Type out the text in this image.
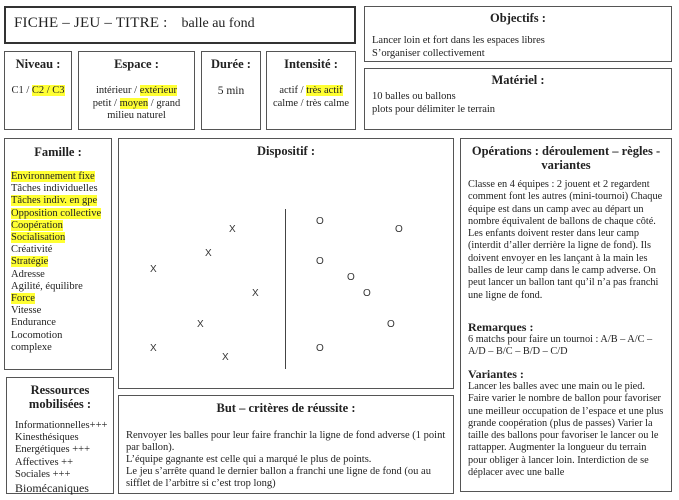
FICHE – JEU – TITRE : balle au fond	Objectifs :
Lancer loin et fort dans les espaces libres
S’organiser collectivement
Niveau :
C1 / C2 / C3
Espace :
intérieur / extérieur
petit / moyen / grand
milieu naturel
Durée :
5 min
Intensité :
actif / très actif
calme / très calme
Matériel :
10 balles ou ballons
plots pour délimiter le terrain
Famille :
Environnement fixe
Tâches individuelles
Tâches indiv. en gpe
Opposition collective
Coopération
Socialisation
Créativité
Stratégie
Adresse
Agilité, équilibre
Force
Vitesse
Endurance
Locomotion
complexe
Dispositif :
X
X
X
X
X
X
X
O
O
O
O
O
O
O
Opérations : déroulement – règles -
variantes
Classe en 4 équipes : 2 jouent et 2 regardent comment font les autres (mini-tournoi) Chaque équipe est dans un camp avec au départ un nombre équivalent de ballons de chaque côté. Les enfants doivent rester dans leur camp (interdit d’aller derrière la ligne de fond). Ils doivent envoyer en les lançant à la main les balles de leur camp dans le camp adverse. On peut lancer un ballon tant qu’il n’a pas franchi une ligne de fond.
Remarques :
6 matchs pour faire un tournoi : A/B – A/C – A/D – B/C – B/D – C/D
Variantes :
Lancer les balles avec une main ou le pied. Faire varier le nombre de ballon pour favoriser une meilleur occupation de l’espace et une plus grande coopération (plus de passes) Varier la taille des ballons pour favoriser le lancer ou le rattapper. Augmenter la longueur du terrain pour obliger à lancer loin. Interdiction de se déplacer avec une balle
Ressources
mobilisées :
Informationnelles+++
Kinesthésiques
Energétiques +++
Affectives ++
Sociales +++
Biomécaniques
But – critères de réussite :
Renvoyer les balles pour leur faire franchir la ligne de fond adverse (1 point par ballon).
L’équipe gagnante est celle qui a marqué le plus de points.
Le jeu s’arrête quand le dernier ballon a franchi une ligne de fond (ou au sifflet de l’arbitre si c’est trop long)
